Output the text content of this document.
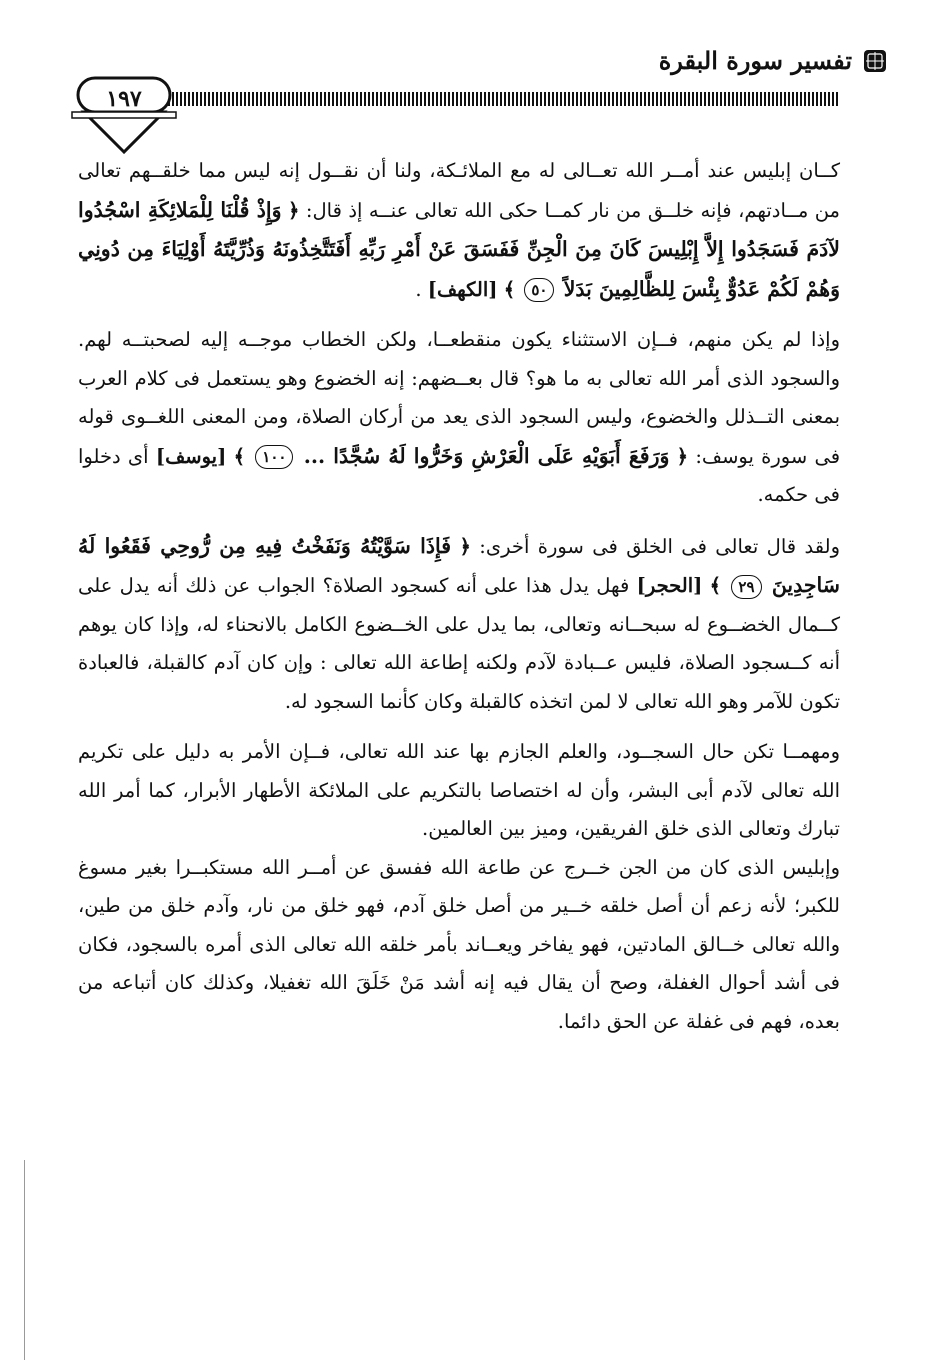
تفسير سورة البقرة
١٩٧

كــان إبليس عند أمــر الله تعــالى له مع الملائـكة، ولنا أن نقــول إنه ليس مما خلقــهم تعالى من مــادتهم، فإنه خلــق من نار كمــا حكى الله تعالى عنــه إذ قال: ﴿ وَإِذْ قُلْنَا لِلْمَلائِكَةِ اسْجُدُوا لآدَمَ فَسَجَدُوا إِلاَّ إِبْلِيسَ كَانَ مِنَ الْجِنِّ فَفَسَقَ عَنْ أَمْرِ رَبِّهِ أَفَتَتَّخِذُونَهُ وَذُرِّيَّتَهُ أَوْلِيَاءَ مِن دُونِي وَهُمْ لَكُمْ عَدُوٌّ بِئْسَ لِلظَّالِمِينَ بَدَلاً ٥٠ ﴾ [الكهف] .

وإذا لم يكن منهم، فــإن الاستثناء يكون منقطعــا، ولكن الخطاب موجــه إليه لصحبتــه لهم. والسجود الذى أمر الله تعالى به ما هو؟ قال بعــضهم: إنه الخضوع وهو يستعمل فى كلام العرب بمعنى التــذلل والخضوع، وليس السجود الذى يعد من أركان الصلاة، ومن المعنى اللغــوى قوله فى سورة يوسف: ﴿ وَرَفَعَ أَبَوَيْهِ عَلَى الْعَرْشِ وَخَرُّوا لَهُ سُجَّدًا ... ١٠٠ ﴾ [يوسف] أى دخلوا فى حكمه.

ولقد قال تعالى فى الخلق فى سورة أخرى: ﴿ فَإِذَا سَوَّيْتُهُ وَنَفَخْتُ فِيهِ مِن رُّوحِي فَقَعُوا لَهُ سَاجِدِينَ ٢٩ ﴾ [الحجر] فهل يدل هذا على أنه كسجود الصلاة؟ الجواب عن ذلك أنه يدل على كــمال الخضــوع له سبحــانه وتعالى، بما يدل على الخــضوع الكامل بالانحناء له، وإذا كان يوهم أنه كــسجود الصلاة، فليس عــبادة لآدم ولكنه إطاعة الله تعالى : وإن كان آدم كالقبلة، فالعبادة تكون للآمر وهو الله تعالى لا لمن اتخذه كالقبلة وكان كأنما السجود له.

ومهمــا تكن حال السجــود، والعلم الجازم بها عند الله تعالى، فــإن الأمر به دليل على تكريم الله تعالى لآدم أبى البشر، وأن له اختصاصا بالتكريم على الملائكة الأطهار الأبرار، كما أمر الله تبارك وتعالى الذى خلق الفريقين، وميز بين العالمين.

وإبليس الذى كان من الجن خــرج عن طاعة الله ففسق عن أمــر الله مستكبــرا بغير مسوغ للكبر؛ لأنه زعم أن أصل خلقه خــير من أصل خلق آدم، فهو خلق من نار، وآدم خلق من طين، والله تعالى خــالق المادتين، فهو يفاخر ويعــاند بأمر خلقه الله تعالى الذى أمره بالسجود، فكان فى أشد أحوال الغفلة، وصح أن يقال فيه إنه أشد مَنْ خَلَقَ الله تغفيلا، وكذلك كان أتباعه من بعده، فهم فى غفلة عن الحق دائما.
